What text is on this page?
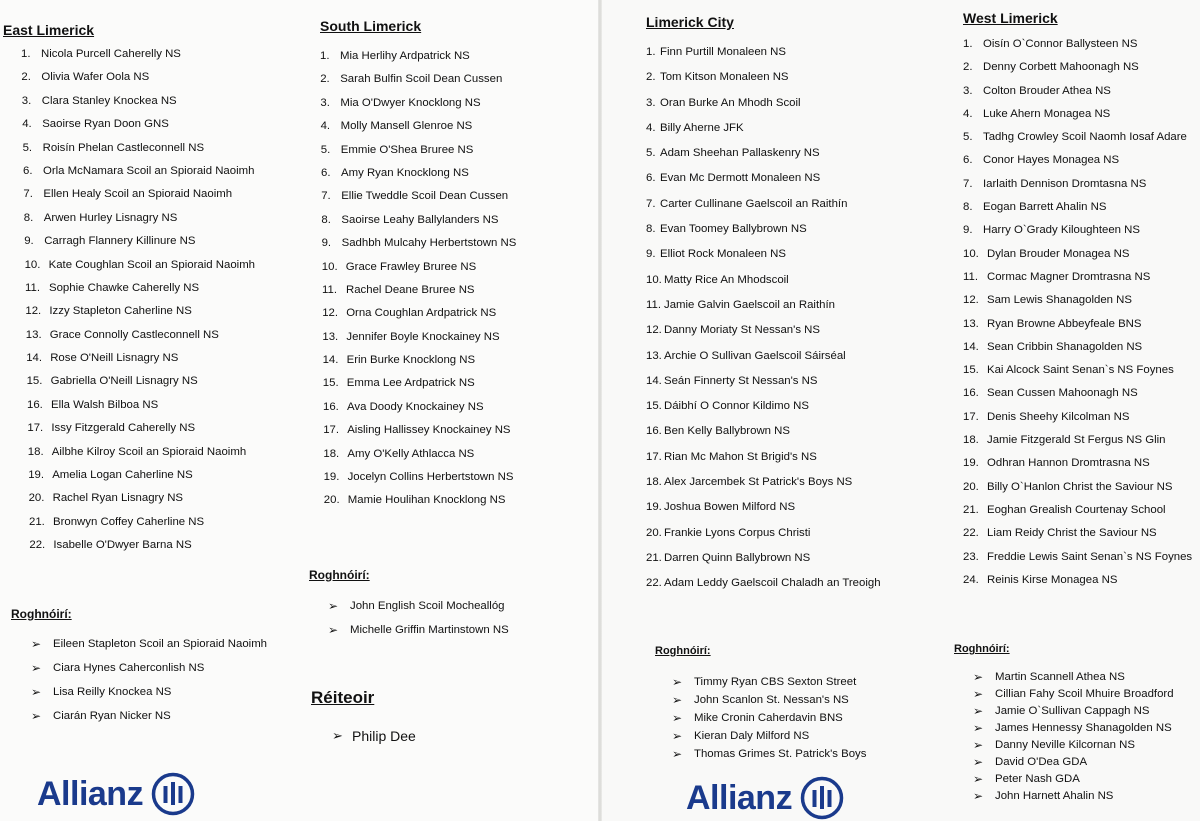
East Limerick
1. Nicola Purcell Caherelly NS
2. Olivia Wafer Oola NS
3. Clara Stanley Knockea NS
4. Saoirse Ryan Doon GNS
5. Roisín Phelan Castleconnell NS
6. Orla McNamara Scoil an Spioraid Naoimh
7. Ellen Healy Scoil an Spioraid Naoimh
8. Arwen Hurley Lisnagry NS
9. Carragh Flannery Killinure NS
10. Kate Coughlan Scoil an Spioraid Naoimh
11. Sophie Chawke Caherelly NS
12. Izzy Stapleton Caherline NS
13. Grace Connolly Castleconnell NS
14. Rose O'Neill Lisnagry NS
15. Gabriella O'Neill Lisnagry NS
16. Ella Walsh Bilboa NS
17. Issy Fitzgerald Caherelly NS
18. Ailbhe Kilroy Scoil an Spioraid Naoimh
19. Amelia Logan Caherline NS
20. Rachel Ryan Lisnagry NS
21. Bronwyn Coffey Caherline NS
22. Isabelle O'Dwyer Barna NS
Roghnóirí:
➢	Eileen Stapleton Scoil an Spioraid Naoimh
➢	Ciara Hynes Caherconlish NS
➢	Lisa Reilly Knockea NS
➢	Ciarán Ryan Nicker NS
South Limerick
1. Mia Herlihy Ardpatrick NS
2. Sarah Bulfin Scoil Dean Cussen
3. Mia O'Dwyer Knocklong NS
4. Molly Mansell Glenroe NS
5. Emmie O'Shea Bruree NS
6. Amy Ryan Knocklong NS
7. Ellie Tweddle Scoil Dean Cussen
8. Saoirse Leahy Ballylanders NS
9. Sadhbh Mulcahy Herbertstown NS
10. Grace Frawley Bruree NS
11. Rachel Deane Bruree NS
12. Orna Coughlan Ardpatrick NS
13. Jennifer Boyle Knockainey NS
14. Erin Burke Knocklong NS
15. Emma Lee Ardpatrick NS
16. Ava Doody Knockainey NS
17. Aisling Hallissey Knockainey NS
18. Amy O'Kelly Athlacca NS
19. Jocelyn Collins Herbertstown NS
20. Mamie Houlihan Knocklong NS
Roghnóirí:
➢	John English Scoil Mocheallóg
➢	Michelle Griffin Martinstown NS
Réiteoir
➢ Philip Dee
Limerick City
1. Finn Purtill Monaleen NS
2. Tom Kitson Monaleen NS
3. Oran Burke An Mhodh Scoil
4. Billy Aherne JFK
5. Adam Sheehan Pallaskenry NS
6. Evan Mc Dermott Monaleen NS
7. Carter Cullinane Gaelscoil an Raithín
8. Evan Toomey Ballybrown NS
9. Elliot Rock Monaleen NS
10. Matty Rice An Mhodscoil
11. Jamie Galvin Gaelscoil an Raithín
12. Danny Moriaty St Nessan's NS
13. Archie O Sullivan Gaelscoil Sáirséal
14. Seán Finnerty St Nessan's NS
15. Dáibhí O Connor Kildimo NS
16. Ben Kelly Ballybrown NS
17. Rian Mc Mahon St Brigid's NS
18. Alex Jarcembek St Patrick's Boys NS
19. Joshua Bowen Milford NS
20. Frankie Lyons Corpus Christi
21. Darren Quinn Ballybrown NS
22. Adam Leddy Gaelscoil Chaladh an Treoigh
Roghnóirí:
➢	Timmy Ryan CBS Sexton Street
➢	John Scanlon St. Nessan's NS
➢	Mike Cronin Caherdavin BNS
➢	Kieran Daly Milford NS
➢	Thomas Grimes St. Patrick's Boys
West Limerick
1. Oisín O`Connor Ballysteen NS
2. Denny Corbett Mahoonagh NS
3. Colton Brouder Athea NS
4. Luke Ahern Monagea NS
5. Tadhg Crowley Scoil Naomh Iosaf Adare
6. Conor Hayes Monagea NS
7. Iarlaith Dennison Dromtasna NS
8. Eogan Barrett Ahalin NS
9. Harry O`Grady Kiloughteen NS
10. Dylan Brouder Monagea NS
11. Cormac Magner Dromtrasna NS
12. Sam Lewis Shanagolden NS
13. Ryan Browne Abbeyfeale BNS
14. Sean Cribbin Shanagolden NS
15. Kai Alcock Saint Senan`s NS Foynes
16. Sean Cussen Mahoonagh NS
17. Denis Sheehy Kilcolman NS
18. Jamie Fitzgerald St Fergus NS Glin
19. Odhran Hannon Dromtrasna NS
20. Billy O`Hanlon Christ the Saviour NS
21. Eoghan Grealish Courtenay School
22. Liam Reidy Christ the Saviour NS
23. Freddie Lewis Saint Senan`s NS Foynes
24. Reinis Kirse Monagea NS
Roghnóirí:
➢	Martin Scannell Athea NS
➢	Cillian Fahy Scoil Mhuire Broadford
➢	Jamie O`Sullivan Cappagh NS
➢	James Hennessy Shanagolden NS
➢	Danny Neville Kilcornan NS
➢	David O'Dea GDA
➢	Peter Nash GDA
➢	John Harnett Ahalin NS
Allianz	Allianz
